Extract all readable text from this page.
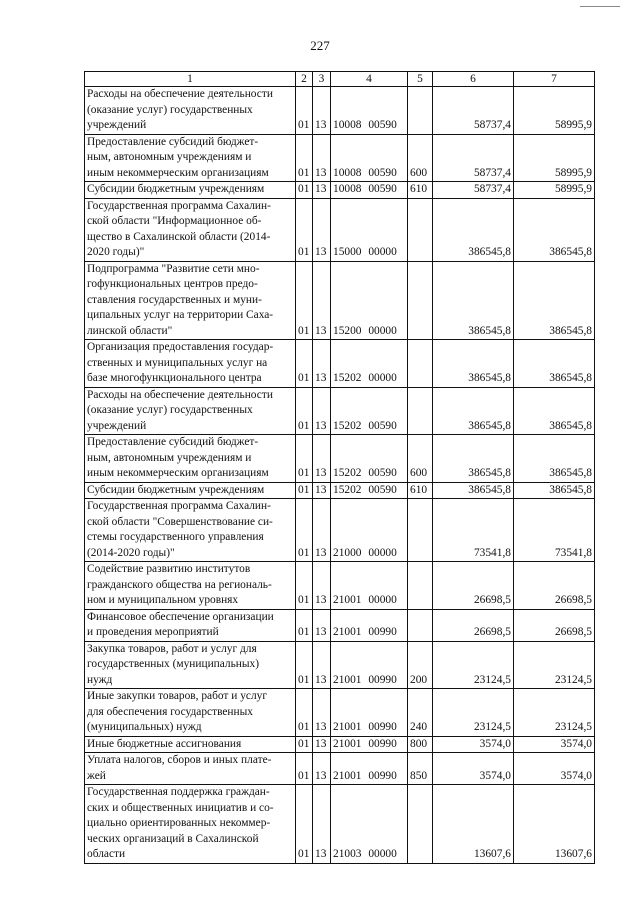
227
1	2	3	4	5	6	7

Расходы на обеспечение деятельности
(оказание услуг) государственных
учреждений	01	13	10008 00590		58737,4	58995,9

Предоставление субсидий бюджет-
ным, автономным учреждениям и
иным некоммерческим организациям	01	13	10008 00590	600	58737,4	58995,9

Субсидии бюджетным учреждениям	01	13	10008 00590	610	58737,4	58995,9

Государственная программа Сахалин-
ской области "Информационное об-
щество в Сахалинской области (2014-
2020 годы)"	01	13	15000 00000		386545,8	386545,8

Подпрограмма "Развитие сети мно-
гофункциональных центров предо-
ставления государственных и муни-
ципальных услуг на территории Саха-
линской области"	01	13	15200 00000		386545,8	386545,8

Организация предоставления государ-
ственных и муниципальных услуг на
базе многофункционального центра	01	13	15202 00000		386545,8	386545,8

Расходы на обеспечение деятельности
(оказание услуг) государственных
учреждений	01	13	15202 00590		386545,8	386545,8

Предоставление субсидий бюджет-
ным, автономным учреждениям и
иным некоммерческим организациям	01	13	15202 00590	600	386545,8	386545,8

Субсидии бюджетным учреждениям	01	13	15202 00590	610	386545,8	386545,8

Государственная программа Сахалин-
ской области "Совершенствование си-
стемы государственного управления
(2014-2020 годы)"	01	13	21000 00000		73541,8	73541,8

Содействие развитию институтов
гражданского общества на региональ-
ном и муниципальном уровнях	01	13	21001 00000		26698,5	26698,5

Финансовое обеспечение организации
и проведения мероприятий	01	13	21001 00990		26698,5	26698,5

Закупка товаров, работ и услуг для
государственных (муниципальных)
нужд	01	13	21001 00990	200	23124,5	23124,5

Иные закупки товаров, работ и услуг
для обеспечения государственных
(муниципальных) нужд	01	13	21001 00990	240	23124,5	23124,5

Иные бюджетные ассигнования	01	13	21001 00990	800	3574,0	3574,0

Уплата налогов, сборов и иных плате-
жей	01	13	21001 00990	850	3574,0	3574,0

Государственная поддержка граждан-
ских и общественных инициатив и со-
циально ориентированных некоммер-
ческих организаций в Сахалинской
области	01	13	21003 00000		13607,6	13607,6
